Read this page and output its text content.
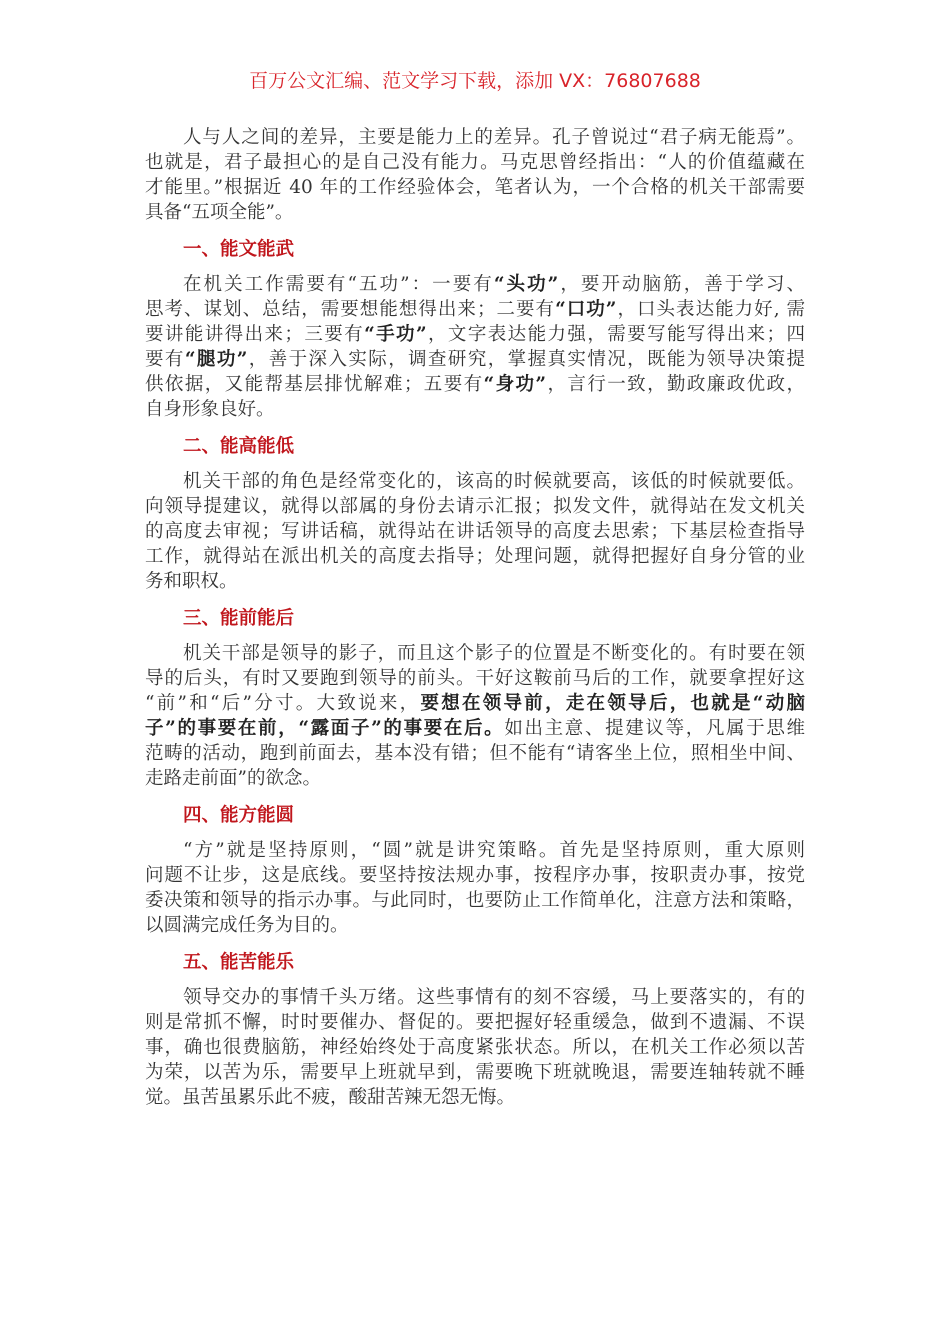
百万公文汇编、范文学习下载，添加 VX：76807688
人与人之间的差异，主要是能力上的差异。孔子曾说过“君子病无能焉”。
也就是，君子最担心的是自己没有能力。马克思曾经指出：“人的价值蕴藏在
才能里。”根据近 40 年的工作经验体会，笔者认为，一个合格的机关干部需要
具备“五项全能”。
一、能文能武
在机关工作需要有“五功”：一要有“头功”，要开动脑筋，善于学习、
思考、谋划、总结，需要想能想得出来；二要有“口功”，口头表达能力好, 需
要讲能讲得出来；三要有“手功”，文字表达能力强，需要写能写得出来；四
要有“腿功”，善于深入实际，调查研究，掌握真实情况，既能为领导决策提
供依据，又能帮基层排忧解难；五要有“身功”，言行一致，勤政廉政优政，
自身形象良好。
二、能高能低
机关干部的角色是经常变化的，该高的时候就要高，该低的时候就要低。
向领导提建议，就得以部属的身份去请示汇报；拟发文件，就得站在发文机关
的高度去审视；写讲话稿，就得站在讲话领导的高度去思索；下基层检查指导
工作，就得站在派出机关的高度去指导；处理问题，就得把握好自身分管的业
务和职权。
三、能前能后
机关干部是领导的影子，而且这个影子的位置是不断变化的。有时要在领
导的后头，有时又要跑到领导的前头。干好这鞍前马后的工作，就要拿捏好这
“前”和“后”分寸。大致说来，要想在领导前，走在领导后，也就是“动脑
子”的事要在前，“露面子”的事要在后。如出主意、提建议等，凡属于思维
范畴的活动，跑到前面去，基本没有错；但不能有“请客坐上位，照相坐中间、
走路走前面”的欲念。
四、能方能圆
“方”就是坚持原则，“圆”就是讲究策略。首先是坚持原则，重大原则
问题不让步，这是底线。要坚持按法规办事，按程序办事，按职责办事，按党
委决策和领导的指示办事。与此同时，也要防止工作简单化，注意方法和策略，
以圆满完成任务为目的。
五、能苦能乐
领导交办的事情千头万绪。这些事情有的刻不容缓，马上要落实的，有的
则是常抓不懈，时时要催办、督促的。要把握好轻重缓急，做到不遗漏、不误
事，确也很费脑筋，神经始终处于高度紧张状态。所以，在机关工作必须以苦
为荣，以苦为乐，需要早上班就早到，需要晚下班就晚退，需要连轴转就不睡
觉。虽苦虽累乐此不疲，酸甜苦辣无怨无悔。
